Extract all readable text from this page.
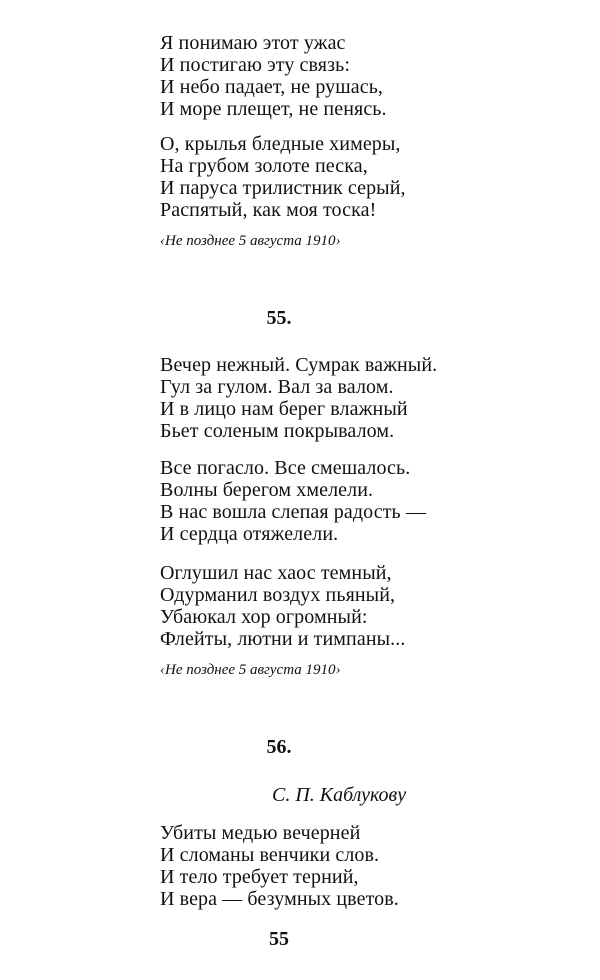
Я понимаю этот ужас
И постигаю эту связь:
И небо падает, не рушась,
И море плещет, не пенясь.
О, крылья бледные химеры,
На грубом золоте песка,
И паруса трилистник серый,
Распятый, как моя тоска!
‹Не позднее 5 августа 1910›
55.
Вечер нежный. Сумрак важный.
Гул за гулом. Вал за валом.
И в лицо нам берег влажный
Бьет соленым покрывалом.
Все погасло. Все смешалось.
Волны берегом хмелели.
В нас вошла слепая радость —
И сердца отяжелели.
Оглушил нас хаос темный,
Одурманил воздух пьяный,
Убаюкал хор огромный:
Флейты, лютни и тимпаны...
‹Не позднее 5 августа 1910›
56.
С. П. Каблукову
Убиты медью вечерней
И сломаны венчики слов.
И тело требует терний,
И вера — безумных цветов.
55
